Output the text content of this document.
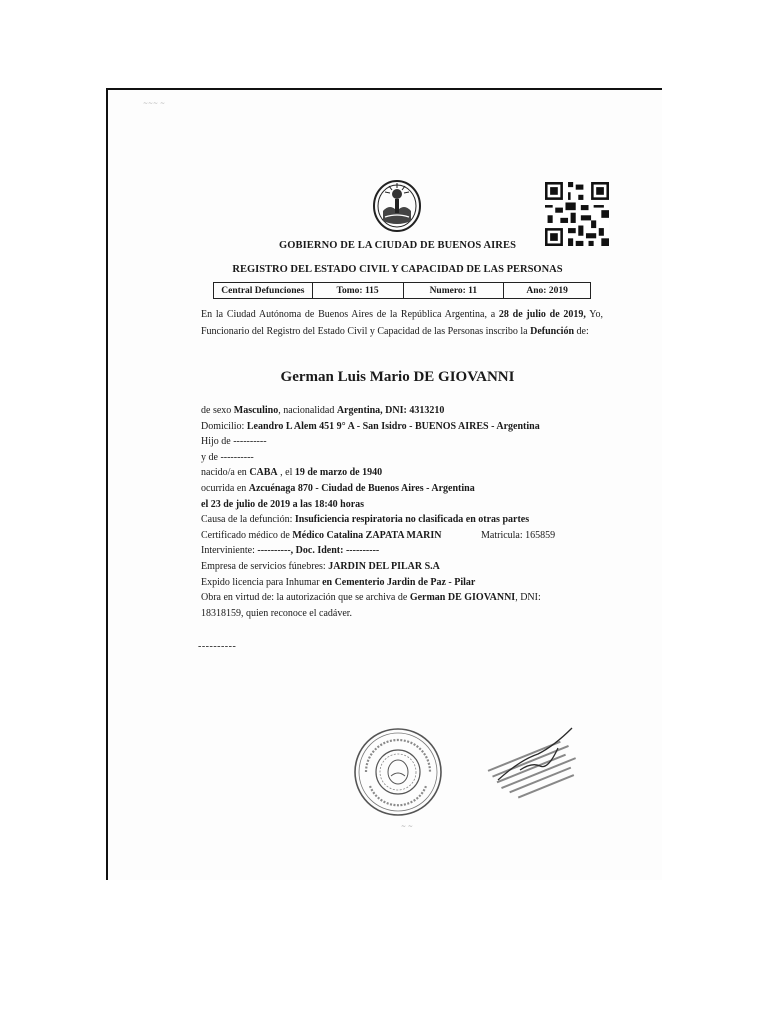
~~~ ~
GOBIERNO DE LA CIUDAD DE BUENOS AIRES
REGISTRO DEL ESTADO CIVIL Y CAPACIDAD DE LAS PERSONAS
Central Defunciones	Tomo: 115	Numero: 11	Ano: 2019
En la Ciudad Autónoma de Buenos Aires de la República Argentina, a 28 de julio de 2019, Yo, Funcionario del Registro del Estado Civil y Capacidad de las Personas inscribo la Defunción de:
German Luis Mario DE GIOVANNI
de sexo Masculino, nacionalidad Argentina, DNI: 4313210
Domicilio: Leandro L Alem 451 9° A - San Isidro - BUENOS AIRES - Argentina
Hijo de ----------
y de ----------
nacido/a en CABA , el 19 de marzo de 1940
ocurrida en Azcuénaga 870 - Ciudad de Buenos Aires - Argentina
el 23 de julio de 2019 a las 18:40 horas
Causa de la defunción: Insuficiencia respiratoria no clasificada en otras partes
Certificado médico de Médico Catalina ZAPATA MARIN
Interviniente: ----------, Doc. Ident: ----------
Empresa de servicios fúnebres: JARDIN DEL PILAR S.A
Expido licencia para Inhumar en Cementerio Jardin de Paz - Pilar
Obra en virtud de: la autorización que se archiva de German DE GIOVANNI, DNI:
18318159, quien reconoce el cadáver.
Matricula: 165859
----------
~ ~
